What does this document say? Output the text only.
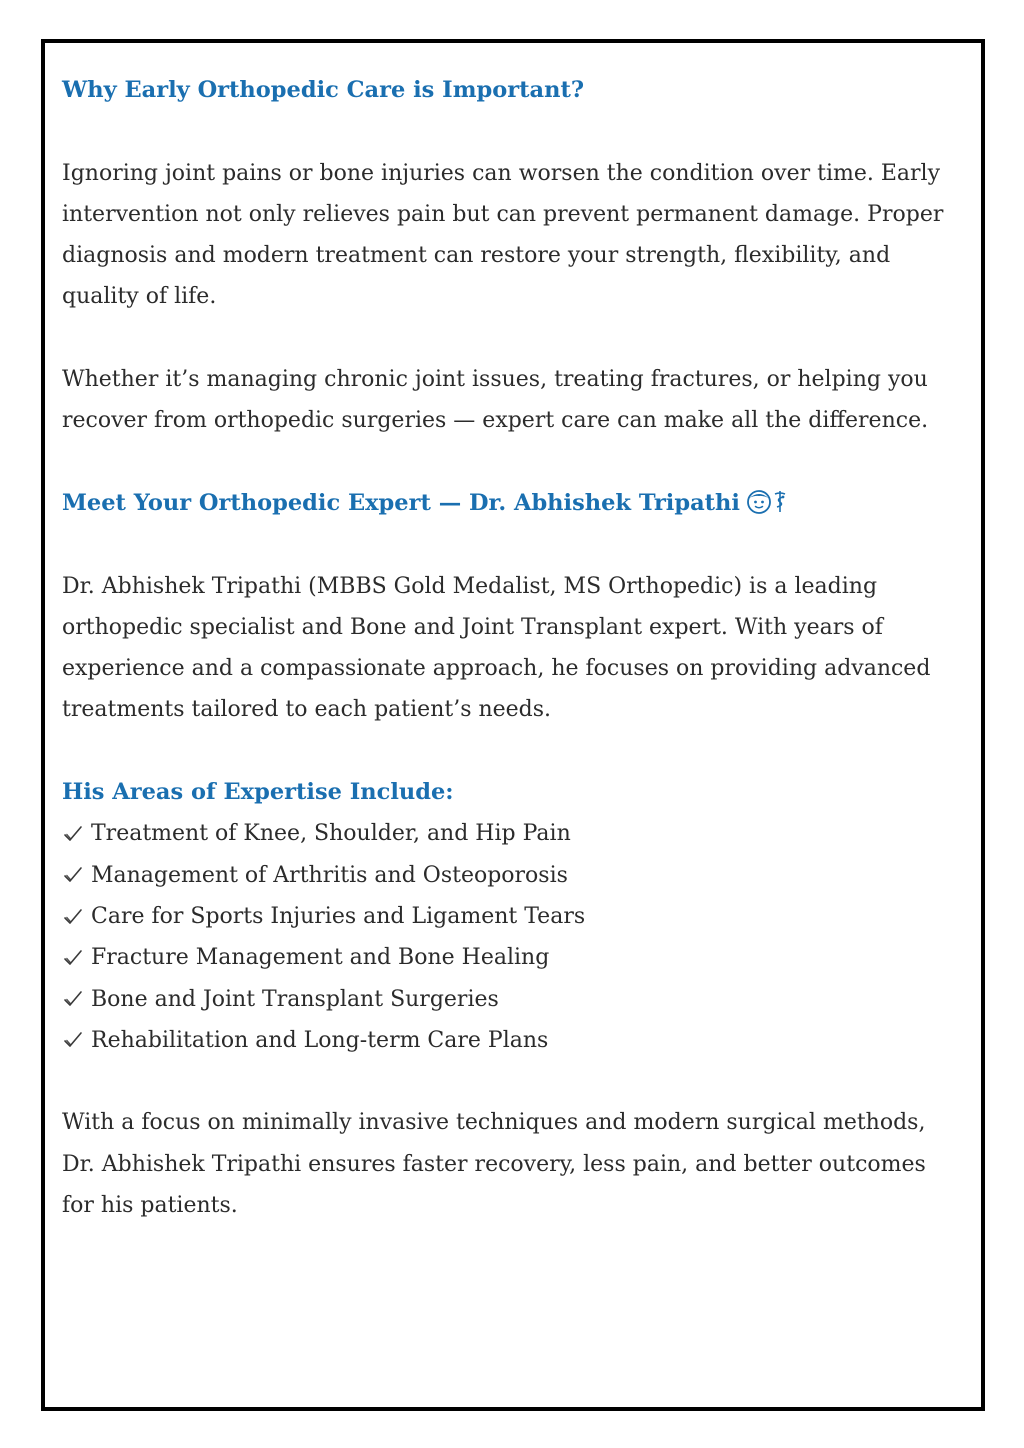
Why Early Orthopedic Care is Important?

Ignoring joint pains or bone injuries can worsen the condition over time. Early intervention not only relieves pain but can prevent permanent damage. Proper diagnosis and modern treatment can restore your strength, flexibility, and quality of life.

Whether it’s managing chronic joint issues, treating fractures, or helping you recover from orthopedic surgeries — expert care can make all the difference.

Meet Your Orthopedic Expert — Dr. Abhishek Tripathi

Dr. Abhishek Tripathi (MBBS Gold Medalist, MS Orthopedic) is a leading orthopedic specialist and Bone and Joint Transplant expert. With years of experience and a compassionate approach, he focuses on providing advanced treatments tailored to each patient’s needs.

His Areas of Expertise Include:
Treatment of Knee, Shoulder, and Hip Pain
Management of Arthritis and Osteoporosis
Care for Sports Injuries and Ligament Tears
Fracture Management and Bone Healing
Bone and Joint Transplant Surgeries
Rehabilitation and Long-term Care Plans

With a focus on minimally invasive techniques and modern surgical methods, Dr. Abhishek Tripathi ensures faster recovery, less pain, and better outcomes for his patients.
